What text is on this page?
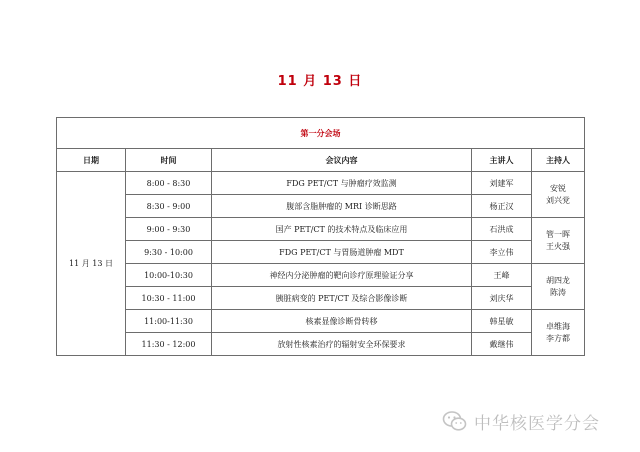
11 月 13 日
第一分会场				
日期	时间	会议内容	主讲人	主持人
11 月 13 日	8:00 - 8:30	FDG PET/CT 与肿瘤疗效监测	刘建军	安锐
刘兴党

	8:30 - 9:00	腹部含脂肿瘤的 MRI 诊断思路	杨正汉	
	9:00 - 9:30	国产 PET/CT 的技术特点及临床应用	石洪成	管一晖
王火强

	9:30 - 10:00	FDG PET/CT 与胃肠道肿瘤 MDT	李立伟	
	10:00-10:30	神经内分泌肿瘤的靶向诊疗原理验证分享	王峰	胡四龙
陈涛

	10:30 - 11:00	胰脏病变的 PET/CT 及综合影像诊断	刘庆华	
	11:00-11:30	核素显像诊断骨转移	韩星敏	卓维海
李方都

	11:30 - 12:00	放射性核素治疗的辐射安全环保要求	戴继伟	
中华核医学分会
